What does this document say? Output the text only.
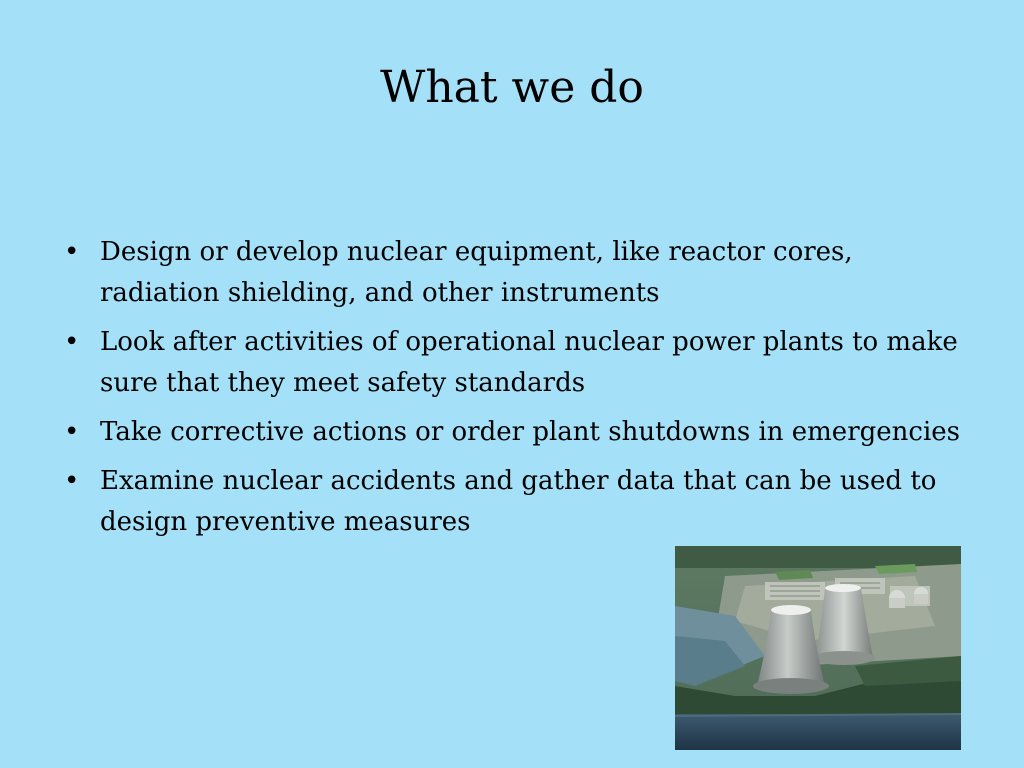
What we do
• Design or develop nuclear equipment, like reactor cores, radiation shielding, and other instruments
• Look after activities of operational nuclear power plants to make sure that they meet safety standards
• Take corrective actions or order plant shutdowns in emergencies
• Examine nuclear accidents and gather data that can be used to design preventive measures
